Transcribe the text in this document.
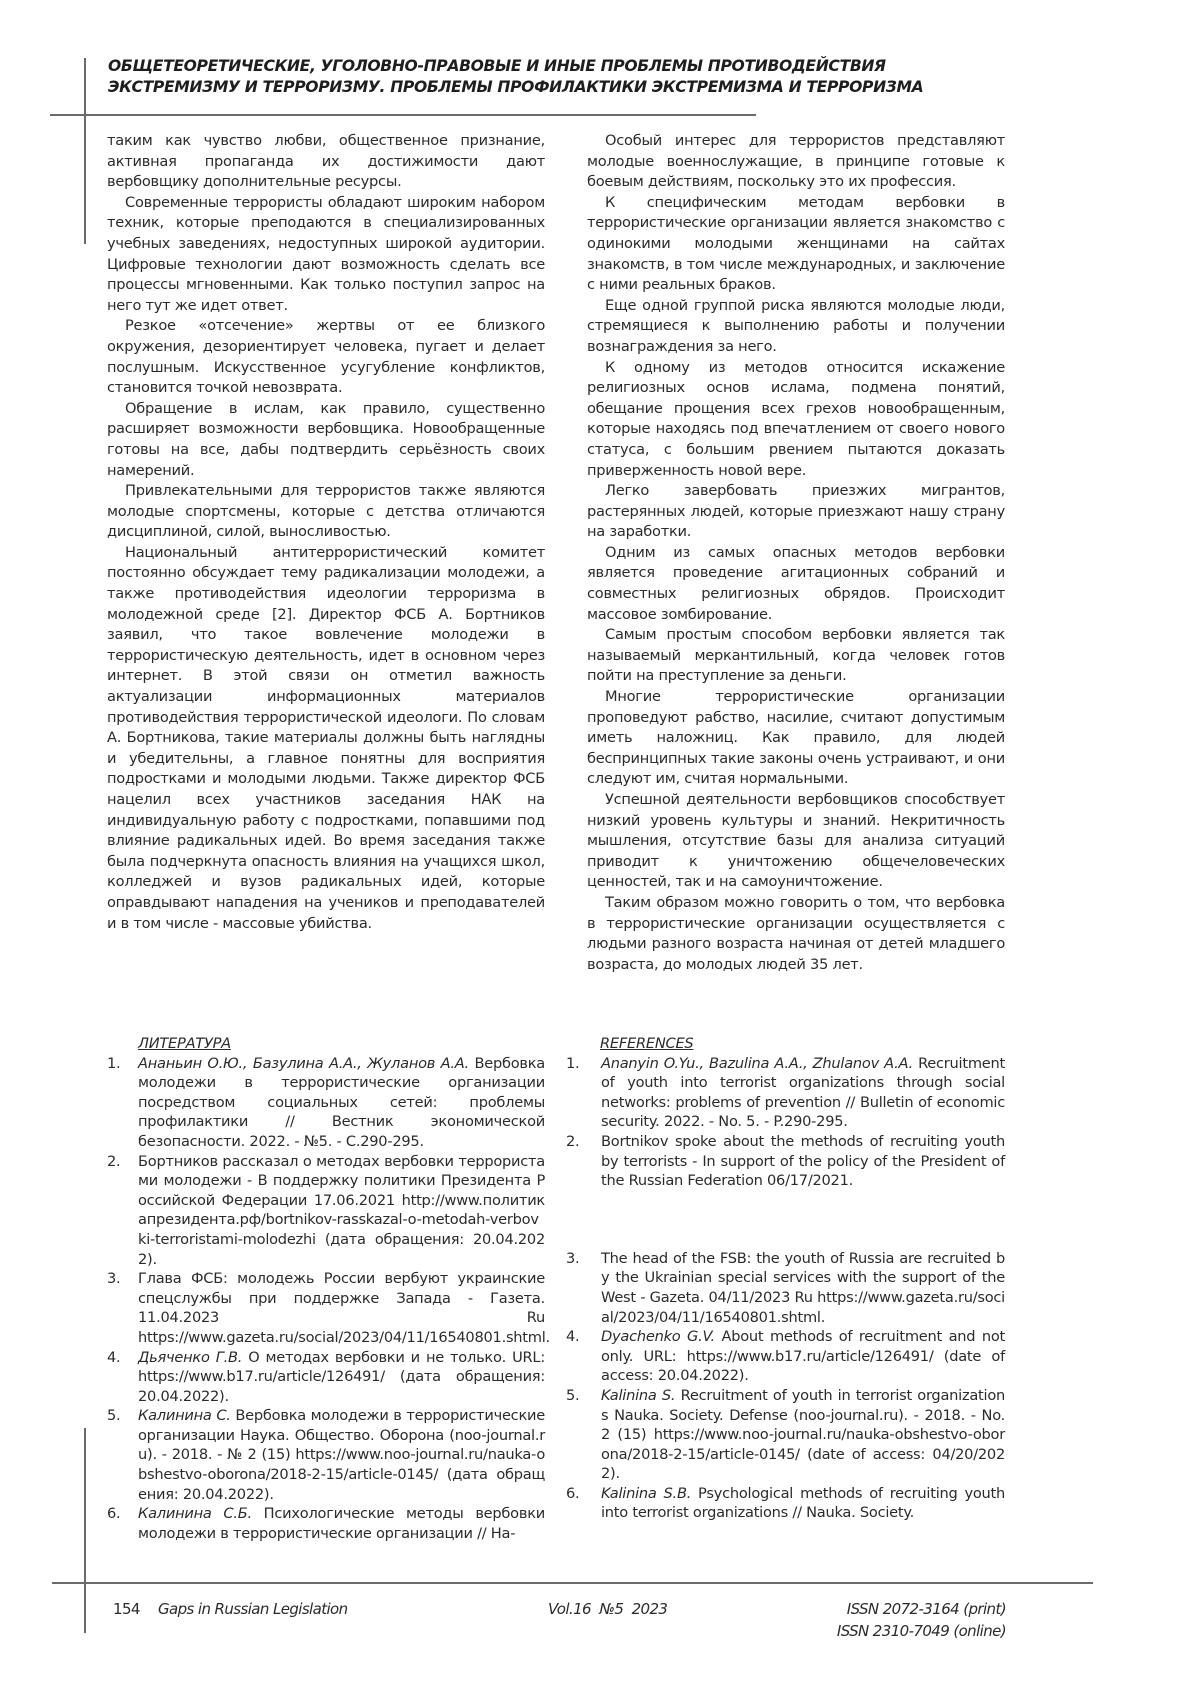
ОБЩЕТЕОРЕТИЧЕСКИЕ, УГОЛОВНО-ПРАВОВЫЕ И ИНЫЕ ПРОБЛЕМЫ ПРОТИВОДЕЙСТВИЯ
ЭКСТРЕМИЗМУ И ТЕРРОРИЗМУ. ПРОБЛЕМЫ ПРОФИЛАКТИКИ ЭКСТРЕМИЗМА И ТЕРРОРИЗМА

таким как чувство любви, общественное признание, активная пропаганда их достижимости дают вербовщику дополнительные ресурсы.

Современные террористы обладают широким набором техник, которые преподаются в специализированных учебных заведениях, недоступных широкой аудитории. Цифровые технологии дают возможность сделать все процессы мгновенными. Как только поступил запрос на него тут же идет ответ.

Резкое «отсечение» жертвы от ее близкого окружения, дезориентирует человека, пугает и делает послушным. Искусственное усугубление конфликтов, становится точкой невозврата.

Обращение в ислам, как правило, существенно расширяет возможности вербовщика. Новообращенные готовы на все, дабы подтвердить серьёзность своих намерений.

Привлекательными для террористов также являются молодые спортсмены, которые с детства отличаются дисциплиной, силой, выносливостью.

Национальный антитеррористический комитет постоянно обсуждает тему радикализации молодежи, а также противодействия идеологии терроризма в молодежной среде [2]. Директор ФСБ А. Бортников заявил, что такое вовлечение молодежи в террористическую деятельность, идет в основном через интернет. В этой связи он отметил важность актуализации информационных материалов противодействия террористической идеологи. По словам А. Бортникова, такие материалы должны быть наглядны и убедительны, а главное понятны для восприятия подростками и молодыми людьми. Также директор ФСБ нацелил всех участников заседания НАК на индивидуальную работу с подростками, попавшими под влияние радикальных идей. Во время заседания также была подчеркнута опасность влияния на учащихся школ, колледжей и вузов радикальных идей, которые оправдывают нападения на учеников и преподавателей и в том числе - массовые убийства.

Особый интерес для террористов представляют молодые военнослужащие, в принципе готовые к боевым действиям, поскольку это их профессия.

К специфическим методам вербовки в террористические организации является знакомство с одинокими молодыми женщинами на сайтах знакомств, в том числе международных, и заключение с ними реальных браков.

Еще одной группой риска являются молодые люди, стремящиеся к выполнению работы и получении вознаграждения за него.

К одному из методов относится искажение религиозных основ ислама, подмена понятий, обещание прощения всех грехов новообращенным, которые находясь под впечатлением от своего нового статуса, с большим рвением пытаются доказать приверженность новой вере.

Легко завербовать приезжих мигрантов, растерянных людей, которые приезжают нашу страну на заработки.

Одним из самых опасных методов вербовки является проведение агитационных собраний и совместных религиозных обрядов. Происходит массовое зомбирование.

Самым простым способом вербовки является так называемый меркантильный, когда человек готов пойти на преступление за деньги.

Многие террористические организации проповедуют рабство, насилие, считают допустимым иметь наложниц. Как правило, для людей беспринципных такие законы очень устраивают, и они следуют им, считая нормальными.

Успешной деятельности вербовщиков способствует низкий уровень культуры и знаний. Некритичность мышления, отсутствие базы для анализа ситуаций приводит к уничтожению общечеловеческих ценностей, так и на самоуничтожение.

Таким образом можно говорить о том, что вербовка в террористические организации осуществляется с людьми разного возраста начиная от детей младшего возраста, до молодых людей 35 лет.

ЛИТЕРАТУРА
1. Ананьин О.Ю., Базулина А.А., Жуланов А.А. Вербовка молодежи в террористические организации посредством социальных сетей: проблемы профилактики // Вестник экономической безопасности. 2022. - №5. - С.290-295.
2. Бортников рассказал о методах вербовки террористами молодежи - В поддержку политики Президента Российской Федерации 17.06.2021 http://www.политикапрезидента.рф/bortnikov-rasskazal-o-metodah-verbovki-terroristami-molodezhi (дата обращения: 20.04.2022).
3. Глава ФСБ: молодежь России вербуют украинские спецслужбы при поддержке Запада - Газета. 11.04.2023 Ru https://www.gazeta.ru/social/2023/04/11/16540801.shtml.
4. Дьяченко Г.В. О методах вербовки и не только. URL: https://www.b17.ru/article/126491/ (дата обращения: 20.04.2022).
5. Калинина С. Вербовка молодежи в террористические организации Наука. Общество. Оборона (noo-journal.ru). - 2018. - № 2 (15) https://www.noo-journal.ru/nauka-obshestvo-oborona/2018-2-15/article-0145/ (дата обращения: 20.04.2022).
6. Калинина С.Б. Психологические методы вербовки молодежи в террористические организации // На-
REFERENCES
1. Ananyin O.Yu., Bazulina A.A., Zhulanov A.A. Recruitment of youth into terrorist organizations through social networks: problems of prevention // Bulletin of economic security. 2022. - No. 5. - P.290-295.
2. Bortnikov spoke about the methods of recruiting youth by terrorists - In support of the policy of the President of the Russian Federation 06/17/2021.
3. The head of the FSB: the youth of Russia are recruited by the Ukrainian special services with the support of the West - Gazeta. 04/11/2023 Ru https://www.gazeta.ru/social/2023/04/11/16540801.shtml.
4. Dyachenko G.V. About methods of recruitment and not only. URL: https://www.b17.ru/article/126491/ (date of access: 20.04.2022).
5. Kalinina S. Recruitment of youth in terrorist organizations Nauka. Society. Defense (noo-journal.ru). - 2018. - No. 2 (15) https://www.noo-journal.ru/nauka-obshestvo-oborona/2018-2-15/article-0145/ (date of access: 04/20/2022).
6. Kalinina S.B. Psychological methods of recruiting youth into terrorist organizations // Nauka. Society.
154 Gaps in Russian Legislation	Vol.16  №5  2023	ISSN 2072-3164 (print)
ISSN 2310-7049 (online)
